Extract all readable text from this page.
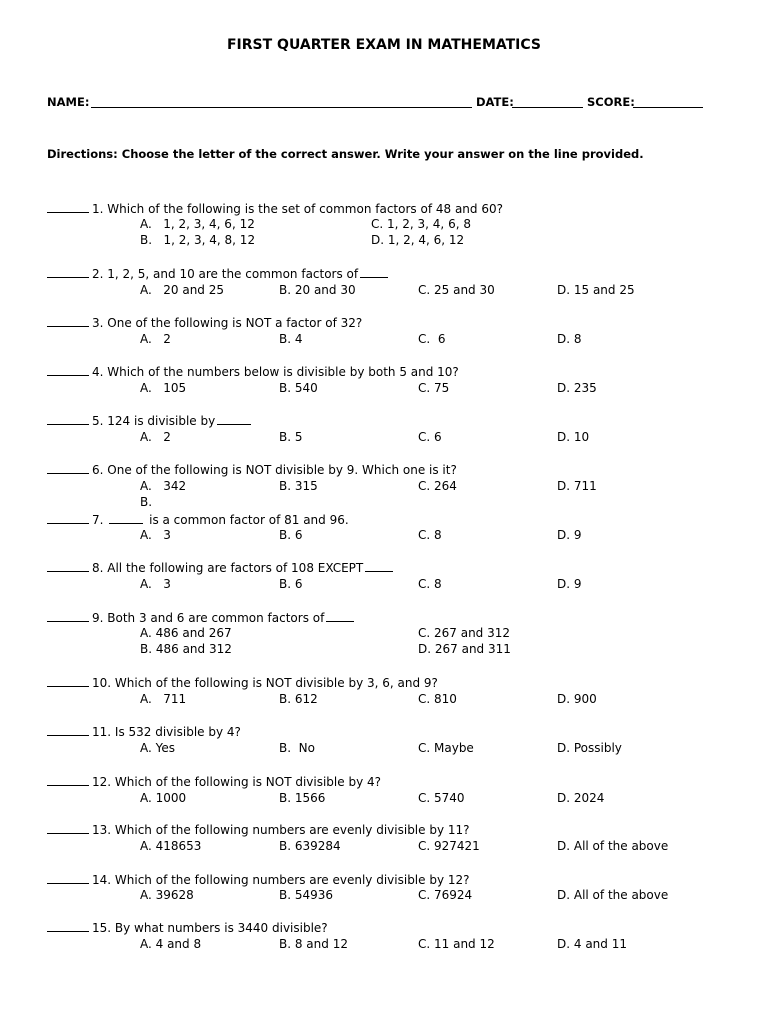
FIRST QUARTER EXAM IN MATHEMATICS
NAME:	DATE:	SCORE:
Directions: Choose the letter of the correct answer. Write your answer on the line provided.
1. Which of the following is the set of common factors of 48 and 60?
A.   1, 2, 3, 4, 6, 12
B.   1, 2, 3, 4, 8, 12
C. 1, 2, 3, 4, 6, 8
D. 1, 2, 4, 6, 12
2. 1, 2, 5, and 10 are the common factors of
A.   20 and 25	B. 20 and 30	C. 25 and 30	D. 15 and 25
3. One of the following is NOT a factor of 32?
A.   2	B. 4	C.  6	D. 8
4. Which of the numbers below is divisible by both 5 and 10?
A.   105	B. 540	C. 75	D. 235
5. 124 is divisible by
A.   2	B. 5	C. 6	D. 10
6. One of the following is NOT divisible by 9. Which one is it?
A.   342	B. 315	C. 264	D. 711
B.
7.	is a common factor of 81 and 96.
A.   3	B. 6	C. 8	D. 9
8. All the following are factors of 108 EXCEPT
A.   3	B. 6	C. 8	D. 9
9. Both 3 and 6 are common factors of
A. 486 and 267
B. 486 and 312
C. 267 and 312
D. 267 and 311
10. Which of the following is NOT divisible by 3, 6, and 9?
A.   711	B. 612	C. 810	D. 900
11. Is 532 divisible by 4?
A. Yes	B.  No	C. Maybe	D. Possibly
12. Which of the following is NOT divisible by 4?
A. 1000	B. 1566	C. 5740	D. 2024
13. Which of the following numbers are evenly divisible by 11?
A. 418653	B. 639284	C. 927421	D. All of the above
14. Which of the following numbers are evenly divisible by 12?
A. 39628	B. 54936	C. 76924	D. All of the above
15. By what numbers is 3440 divisible?
A. 4 and 8	B. 8 and 12	C. 11 and 12	D. 4 and 11
